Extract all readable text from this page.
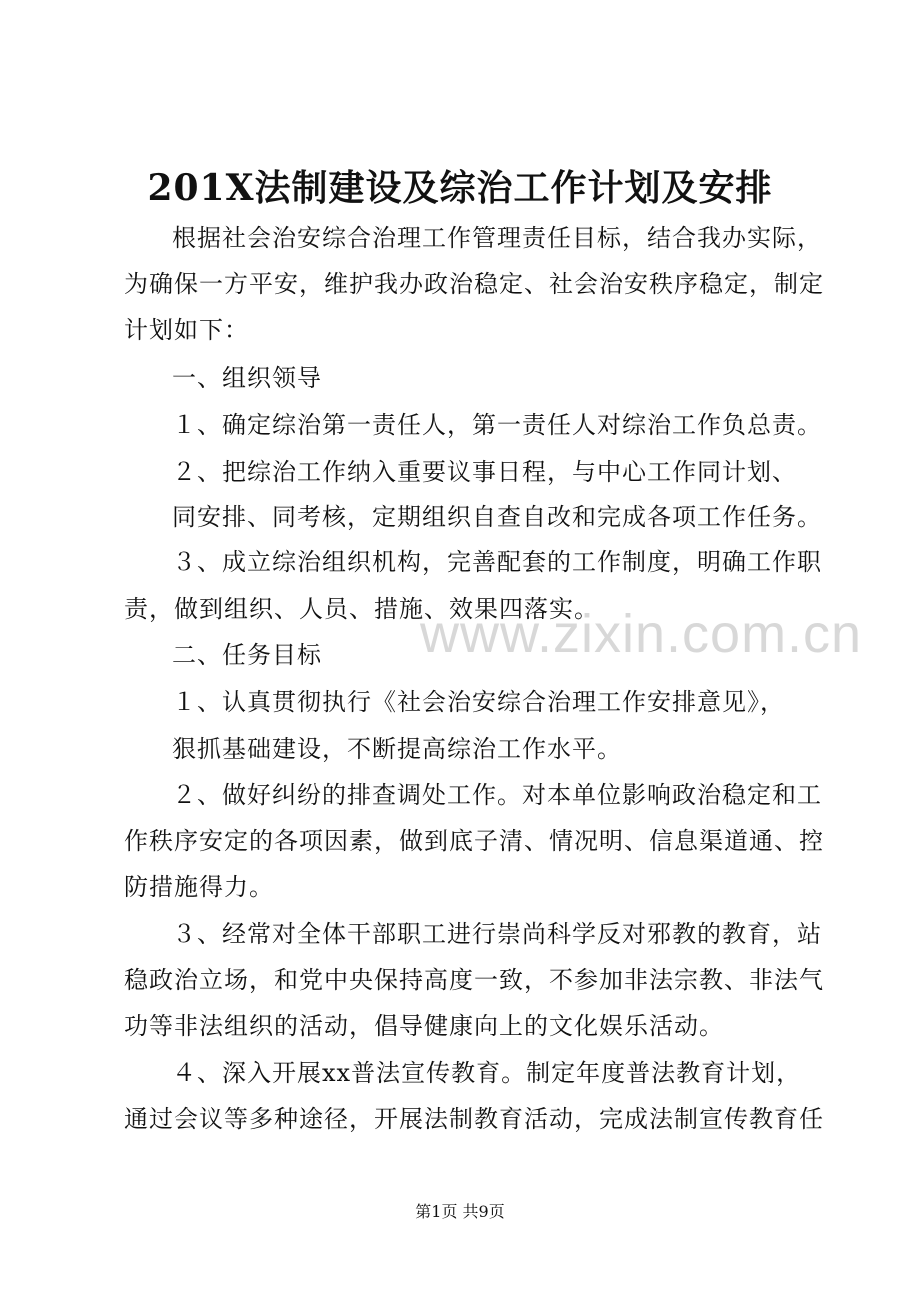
201X法制建设及综治工作计划及安排
根据社会治安综合治理工作管理责任目标，结合我办实际，
为确保一方平安，维护我办政治稳定、社会治安秩序稳定，制定
计划如下：
一、组织领导
１、确定综治第一责任人，第一责任人对综治工作负总责。
２、把综治工作纳入重要议事日程，与中心工作同计划、
同安排、同考核，定期组织自查自改和完成各项工作任务。
３、成立综治组织机构，完善配套的工作制度，明确工作职
责，做到组织、人员、措施、效果四落实。
二、任务目标
１、认真贯彻执行《社会治安综合治理工作安排意见》，
狠抓基础建设，不断提高综治工作水平。
２、做好纠纷的排查调处工作。对本单位影响政治稳定和工
作秩序安定的各项因素，做到底子清、情况明、信息渠道通、控
防措施得力。
３、经常对全体干部职工进行崇尚科学反对邪教的教育，站
稳政治立场，和党中央保持高度一致，不参加非法宗教、非法气
功等非法组织的活动，倡导健康向上的文化娱乐活动。
４、深入开展xx普法宣传教育。制定年度普法教育计划，
通过会议等多种途径，开展法制教育活动，完成法制宣传教育任
www.zixin.com.cn
第1页 共9页
